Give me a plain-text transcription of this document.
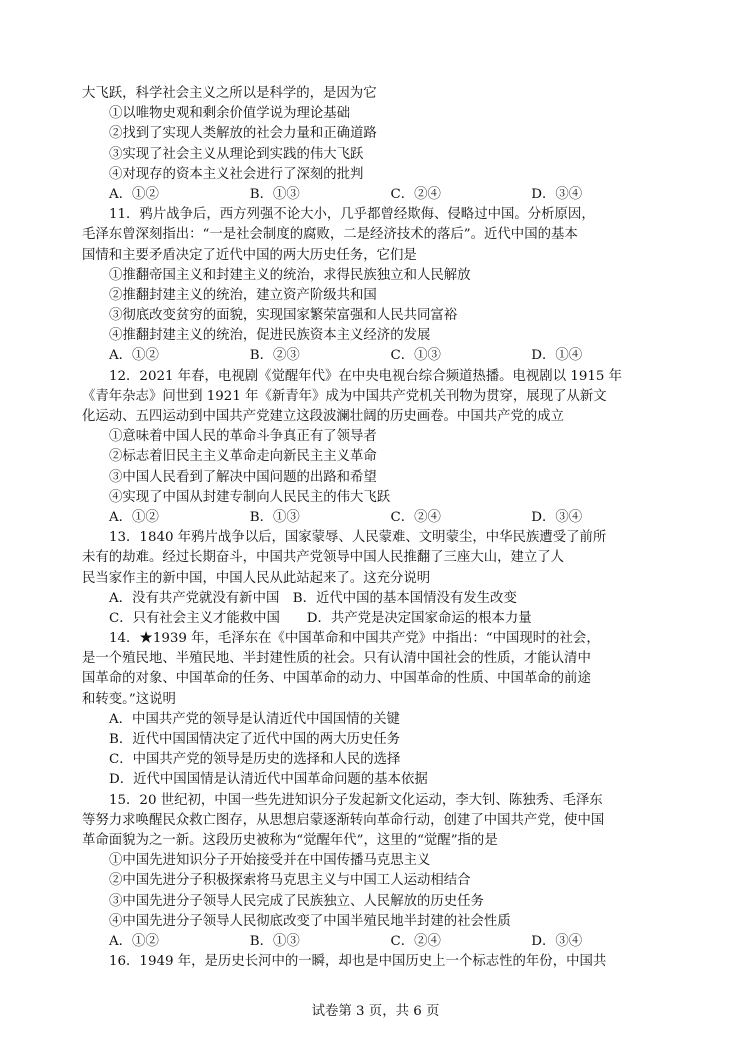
大飞跃，科学社会主义之所以是科学的，是因为它
①以唯物史观和剩余价值学说为理论基础
②找到了实现人类解放的社会力量和正确道路
③实现了社会主义从理论到实践的伟大飞跃
④对现存的资本主义社会进行了深刻的批判
A．①②	B．①③	C．②④	D．③④
11．鸦片战争后，西方列强不论大小，几乎都曾经欺侮、侵略过中国。分析原因，
毛泽东曾深刻指出：“一是社会制度的腐败，二是经济技术的落后”。近代中国的基本
国情和主要矛盾决定了近代中国的两大历史任务，它们是
①推翻帝国主义和封建主义的统治，求得民族独立和人民解放
②推翻封建主义的统治，建立资产阶级共和国
③彻底改变贫穷的面貌，实现国家繁荣富强和人民共同富裕
④推翻封建主义的统治，促进民族资本主义经济的发展
A．①②	B．②③	C．①③	D．①④
12．2021 年春，电视剧《觉醒年代》在中央电视台综合频道热播。电视剧以 1915 年
《青年杂志》问世到 1921 年《新青年》成为中国共产党机关刊物为贯穿，展现了从新文
化运动、五四运动到中国共产党建立这段波澜壮阔的历史画卷。中国共产党的成立
①意味着中国人民的革命斗争真正有了领导者
②标志着旧民主主义革命走向新民主主义革命
③中国人民看到了解决中国问题的出路和希望
④实现了中国从封建专制向人民民主的伟大飞跃
A．①②	B．①③	C．②④	D．③④
13．1840 年鸦片战争以后，国家蒙辱、人民蒙难、文明蒙尘，中华民族遭受了前所
未有的劫难。经过长期奋斗，中国共产党领导中国人民推翻了三座大山，建立了人
民当家作主的新中国，中国人民从此站起来了。这充分说明
A．没有共产党就没有新中国　B．近代中国的基本国情没有发生改变
C．只有社会主义才能救中国　　D．共产党是决定国家命运的根本力量
14．★1939 年，毛泽东在《中国革命和中国共产党》中指出：“中国现时的社会，
是一个殖民地、半殖民地、半封建性质的社会。只有认清中国社会的性质，才能认清中
国革命的对象、中国革命的任务、中国革命的动力、中国革命的性质、中国革命的前途
和转变。”这说明
A．中国共产党的领导是认清近代中国国情的关键
B．近代中国国情决定了近代中国的两大历史任务
C．中国共产党的领导是历史的选择和人民的选择
D．近代中国国情是认清近代中国革命问题的基本依据
15．20 世纪初，中国一些先进知识分子发起新文化运动，李大钊、陈独秀、毛泽东
等努力求唤醒民众救亡图存，从思想启蒙逐渐转向革命行动，创建了中国共产党，使中国
革命面貌为之一新。这段历史被称为“觉醒年代”，这里的“觉醒”指的是
①中国先进知识分子开始接受并在中国传播马克思主义
②中国先进分子积极探索将马克思主义与中国工人运动相结合
③中国先进分子领导人民完成了民族独立、人民解放的历史任务
④中国先进分子领导人民彻底改变了中国半殖民地半封建的社会性质
A．①②	B．①③	C．②④	D．③④
16．1949 年，是历史长河中的一瞬，却也是中国历史上一个标志性的年份，中国共
试卷第 3 页，共 6 页
